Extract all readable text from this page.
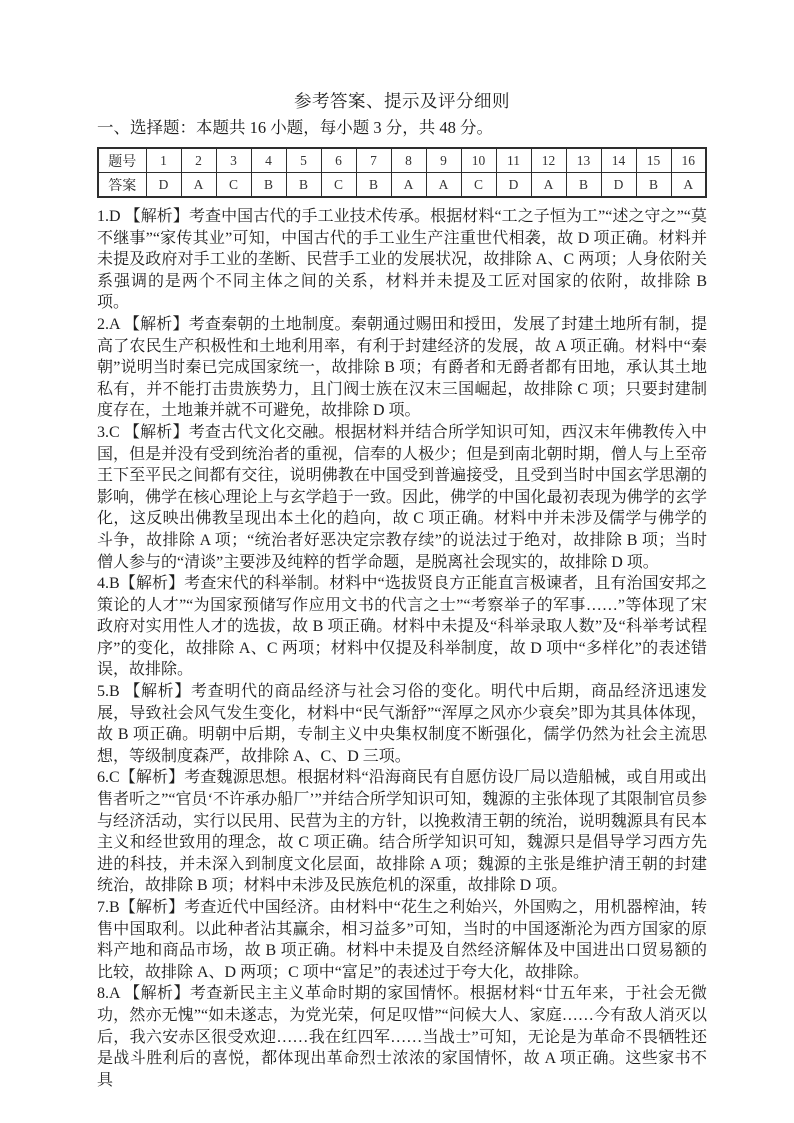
参考答案、提示及评分细则

一、选择题：本题共 16 小题，每小题 3 分，共 48 分。

题号	1	2	3	4	5	6	7	8	9	10	11	12	13	14	15	16
答案	D	A	C	B	B	C	B	A	A	C	D	A	B	D	B	A

1.D 【解析】考查中国古代的手工业技术传承。根据材料“工之子恒为工”“述之守之”“莫不继事”“家传其业”可知，中国古代的手工业生产注重世代相袭，故 D 项正确。材料并未提及政府对手工业的垄断、民营手工业的发展状况，故排除 A、C 两项；人身依附关系强调的是两个不同主体之间的关系，材料并未提及工匠对国家的依附，故排除 B 项。

2.A 【解析】考查秦朝的土地制度。秦朝通过赐田和授田，发展了封建土地所有制，提高了农民生产积极性和土地利用率，有利于封建经济的发展，故 A 项正确。材料中“秦朝”说明当时秦已完成国家统一，故排除 B 项；有爵者和无爵者都有田地，承认其土地私有，并不能打击贵族势力，且门阀士族在汉末三国崛起，故排除 C 项；只要封建制度存在，土地兼并就不可避免，故排除 D 项。

3.C 【解析】考查古代文化交融。根据材料并结合所学知识可知，西汉末年佛教传入中国，但是并没有受到统治者的重视，信奉的人极少；但是到南北朝时期，僧人与上至帝王下至平民之间都有交往，说明佛教在中国受到普遍接受，且受到当时中国玄学思潮的影响，佛学在核心理论上与玄学趋于一致。因此，佛学的中国化最初表现为佛学的玄学化，这反映出佛教呈现出本土化的趋向，故 C 项正确。材料中并未涉及儒学与佛学的斗争，故排除 A 项；“统治者好恶决定宗教存续”的说法过于绝对，故排除 B 项；当时僧人参与的“清谈”主要涉及纯粹的哲学命题，是脱离社会现实的，故排除 D 项。

4.B【解析】考查宋代的科举制。材料中“选拔贤良方正能直言极谏者，且有治国安邦之策论的人才”“为国家预储写作应用文书的代言之士”“考察举子的军事……”等体现了宋政府对实用性人才的选拔，故 B 项正确。材料中未提及“科举录取人数”及“科举考试程序”的变化，故排除 A、C 两项；材料中仅提及科举制度，故 D 项中“多样化”的表述错误，故排除。

5.B 【解析】考查明代的商品经济与社会习俗的变化。明代中后期，商品经济迅速发展，导致社会风气发生变化，材料中“民气渐舒”“浑厚之风亦少衰矣”即为其具体体现，故 B 项正确。明朝中后期，专制主义中央集权制度不断强化，儒学仍然为社会主流思想，等级制度森严，故排除 A、C、D 三项。

6.C【解析】考查魏源思想。根据材料“沿海商民有自愿仿设厂局以造船械，或自用或出售者听之”“官员‘不许承办船厂’”并结合所学知识可知，魏源的主张体现了其限制官员参与经济活动，实行以民用、民营为主的方针，以挽救清王朝的统治，说明魏源具有民本主义和经世致用的理念，故 C 项正确。结合所学知识可知，魏源只是倡导学习西方先进的科技，并未深入到制度文化层面，故排除 A 项；魏源的主张是维护清王朝的封建统治，故排除 B 项；材料中未涉及民族危机的深重，故排除 D 项。

7.B【解析】考查近代中国经济。由材料中“花生之利始兴，外国购之，用机器榨油，转售中国取利。以此种者沾其赢余，相习益多”可知，当时的中国逐渐沦为西方国家的原料产地和商品市场，故 B 项正确。材料中未提及自然经济解体及中国进出口贸易额的比较，故排除 A、D 两项；C 项中“富足”的表述过于夸大化，故排除。

8.A 【解析】考查新民主主义革命时期的家国情怀。根据材料“廿五年来，于社会无微功，然亦无愧”“如未遂志，为党光荣，何足叹惜”“问候大人、家庭……今有敌人消灭以后，我六安赤区很受欢迎……我在红四军……当战士”可知，无论是为革命不畏牺牲还是战斗胜利后的喜悦，都体现出革命烈士浓浓的家国情怀，故 A 项正确。这些家书不具
